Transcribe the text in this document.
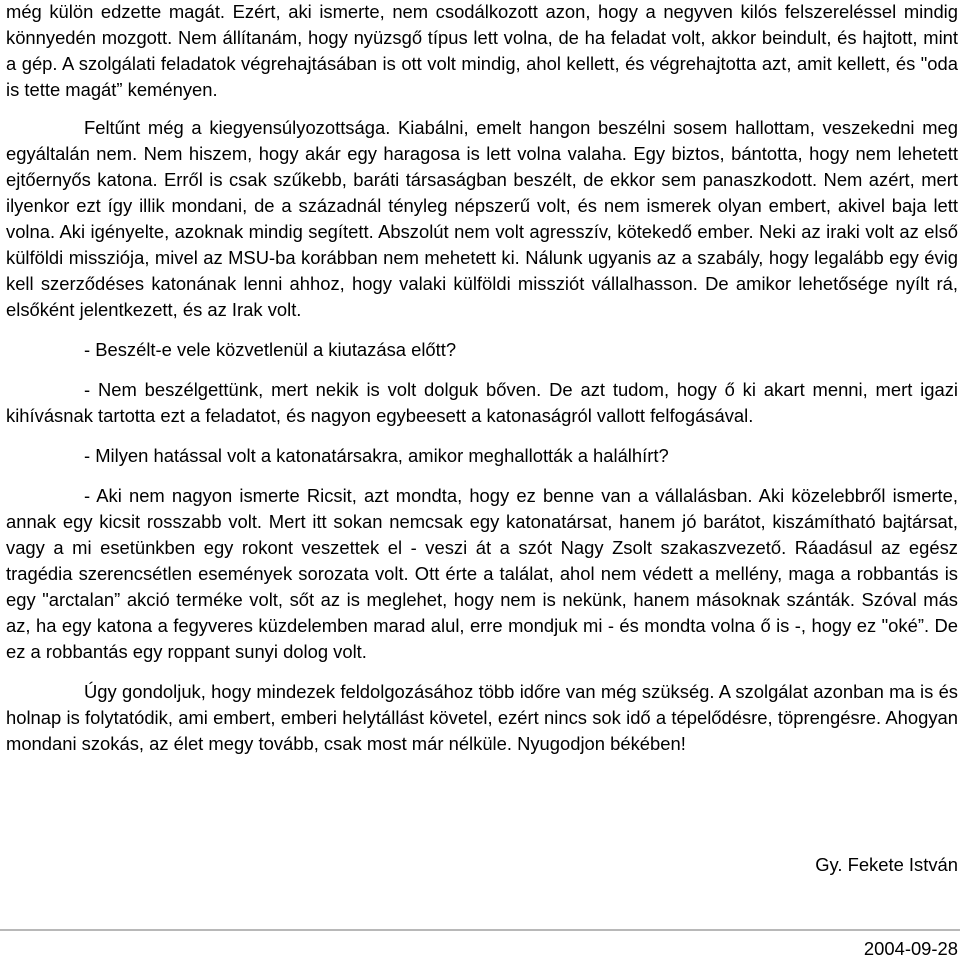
még külön edzette magát. Ezért, aki ismerte, nem csodálkozott azon, hogy a negyven kilós felszereléssel mindig könnyedén mozgott. Nem állítanám, hogy nyüzsgő típus lett volna, de ha feladat volt, akkor beindult, és hajtott, mint a gép. A szolgálati feladatok végrehajtásában is ott volt mindig, ahol kellett, és végrehajtotta azt, amit kellett, és "oda is tette magát” keményen.

Feltűnt még a kiegyensúlyozottsága. Kiabálni, emelt hangon beszélni sosem hallottam, veszekedni meg egyáltalán nem. Nem hiszem, hogy akár egy haragosa is lett volna valaha. Egy biztos, bántotta, hogy nem lehetett ejtőernyős katona. Erről is csak szűkebb, baráti társaságban beszélt, de ekkor sem panaszkodott. Nem azért, mert ilyenkor ezt így illik mondani, de a századnál tényleg népszerű volt, és nem ismerek olyan embert, akivel baja lett volna. Aki igényelte, azoknak mindig segített. Abszolút nem volt agresszív, kötekedő ember. Neki az iraki volt az első külföldi missziója, mivel az MSU-ba korábban nem mehetett ki. Nálunk ugyanis az a szabály, hogy legalább egy évig kell szerződéses katonának lenni ahhoz, hogy valaki külföldi missziót vállalhasson. De amikor lehetősége nyílt rá, elsőként jelentkezett, és az Irak volt.

- Beszélt-e vele közvetlenül a kiutazása előtt?

- Nem beszélgettünk, mert nekik is volt dolguk bőven. De azt tudom, hogy ő ki akart menni, mert igazi kihívásnak tartotta ezt a feladatot, és nagyon egybeesett a katonaságról vallott felfogásával.

- Milyen hatással volt a katonatársakra, amikor meghallották a halálhírt?

- Aki nem nagyon ismerte Ricsit, azt mondta, hogy ez benne van a vállalásban. Aki közelebbről ismerte, annak egy kicsit rosszabb volt. Mert itt sokan nemcsak egy katonatársat, hanem jó barátot, kiszámítható bajtársat, vagy a mi esetünkben egy rokont veszettek el - veszi át a szót Nagy Zsolt szakaszvezető. Ráadásul az egész tragédia szerencsétlen események sorozata volt. Ott érte a találat, ahol nem védett a mellény, maga a robbantás is egy "arctalan” akció terméke volt, sőt az is meglehet, hogy nem is nekünk, hanem másoknak szánták. Szóval más az, ha egy katona a fegyveres küzdelemben marad alul, erre mondjuk mi - és mondta volna ő is -, hogy ez "oké”. De ez a robbantás egy roppant sunyi dolog volt.

Úgy gondoljuk, hogy mindezek feldolgozásához több időre van még szükség. A szolgálat azonban ma is és holnap is folytatódik, ami embert, emberi helytállást követel, ezért nincs sok idő a tépelődésre, töprengésre. Ahogyan mondani szokás, az élet megy tovább, csak most már nélküle. Nyugodjon békében!

Gy. Fekete István
2004-09-28
